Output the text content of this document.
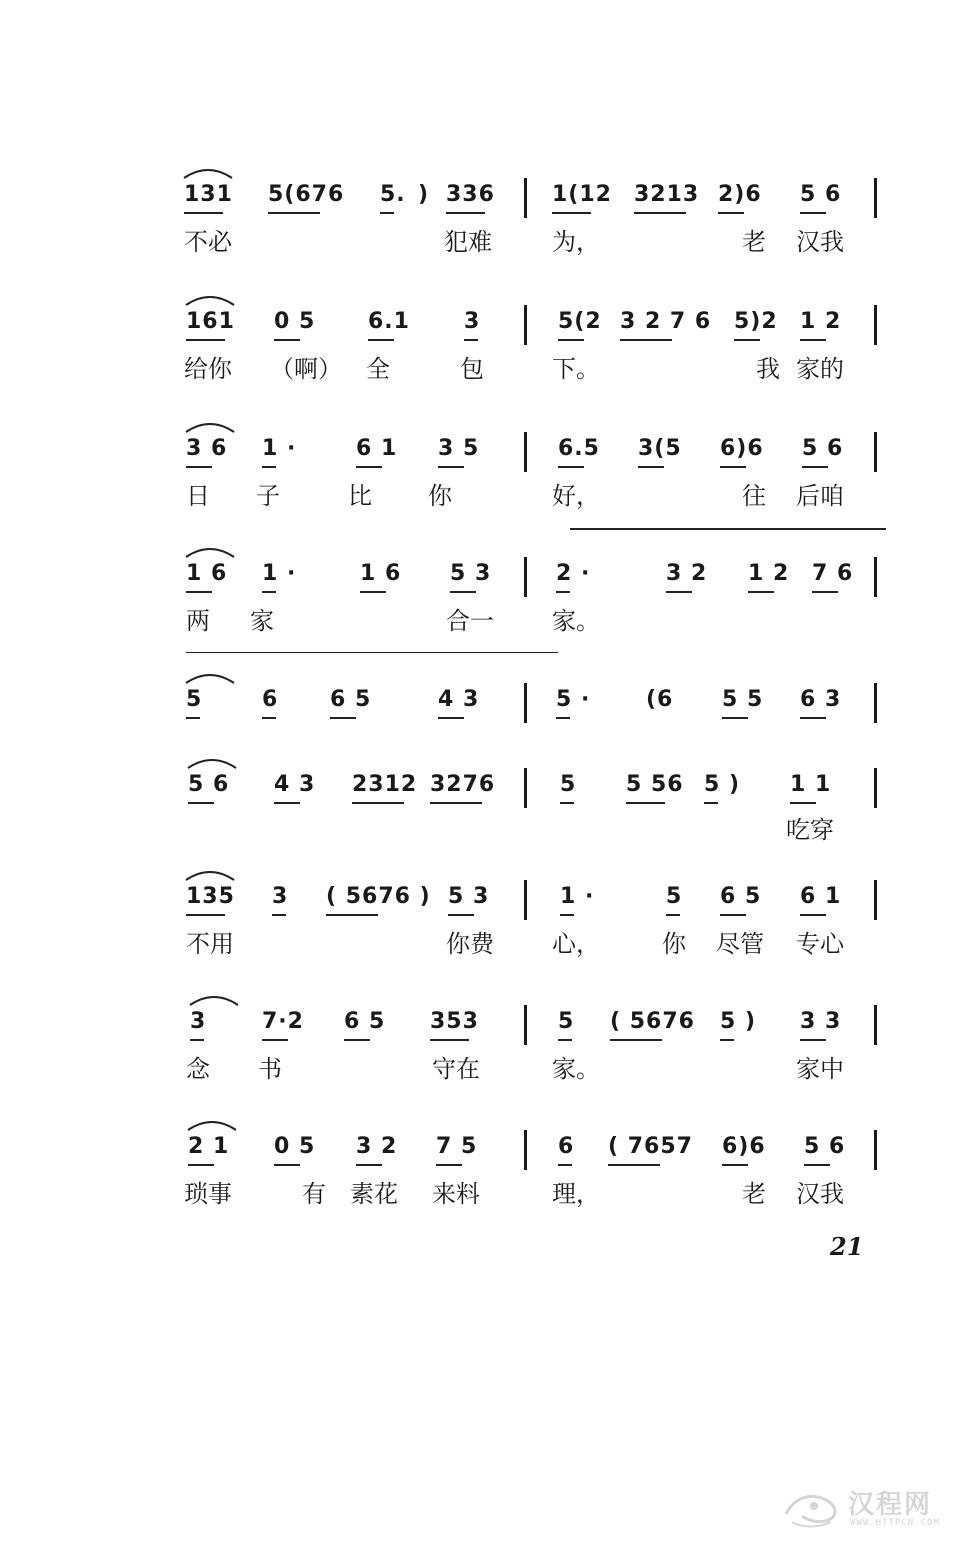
131 5(676 5. ) 336	1(12 3213 2)6 5 6
不必	犯难	为，	老 汉我
161 0 5 6.1 3	5(2 3 2 7 6 5)2 1 2
给你 （啊） 全	包	下。	我 家的
3 6 1 ·	6 1 3 5	6.5 3(5 6)6 5 6
日 子	比 你	好，	往 后咱
1 6 1 ·	1 6 5 3	2 ·	3 2 1 2 7 6
两 家	合一 家。
5	6 6 5	4 3	5 ·	(6 5 5 6 3
5 6 4 3 2312 3276	5 5 56 5 ) 1 1
吃穿
135 3 ( 5676 ) 5 3	1 ·	5 6 5 6 1
不用	你费 心，	你 尽管 专心
3	7·2 6 5 353	5 ( 5676 5 ) 3 3
念 书	守在	家。	家中
2 1 0 5 3 2 7 5	6 ( 7657 6)6 5 6
琐事	有 素花 来料	理，	老 汉我
21
汉程网
WWW.HTTPCN.COM
